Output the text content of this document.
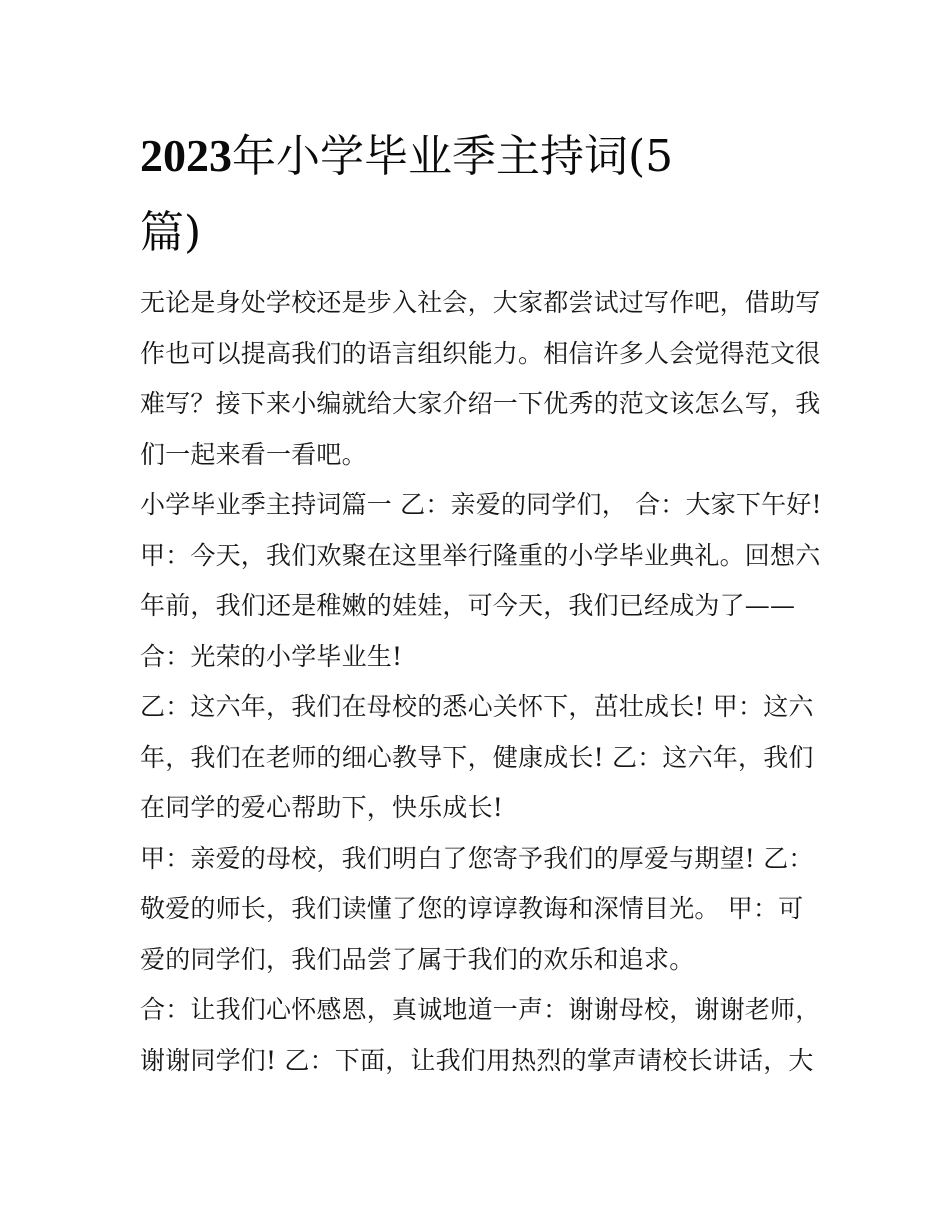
2023年小学毕业季主持词(5
篇)
无论是身处学校还是步入社会，大家都尝试过写作吧，借助写
作也可以提高我们的语言组织能力。相信许多人会觉得范文很
难写？接下来小编就给大家介绍一下优秀的范文该怎么写，我
们一起来看一看吧。
小学毕业季主持词篇一 乙：亲爱的同学们， 合：大家下午好!
甲：今天，我们欢聚在这里举行隆重的小学毕业典礼。回想六
年前，我们还是稚嫩的娃娃，可今天，我们已经成为了——
合：光荣的小学毕业生!
乙：这六年，我们在母校的悉心关怀下，茁壮成长! 甲：这六
年，我们在老师的细心教导下，健康成长! 乙：这六年，我们
在同学的爱心帮助下，快乐成长!
甲：亲爱的母校，我们明白了您寄予我们的厚爱与期望! 乙：
敬爱的师长，我们读懂了您的谆谆教诲和深情目光。 甲：可
爱的同学们，我们品尝了属于我们的欢乐和追求。
合：让我们心怀感恩，真诚地道一声：谢谢母校，谢谢老师，
谢谢同学们! 乙：下面，让我们用热烈的掌声请校长讲话，大
